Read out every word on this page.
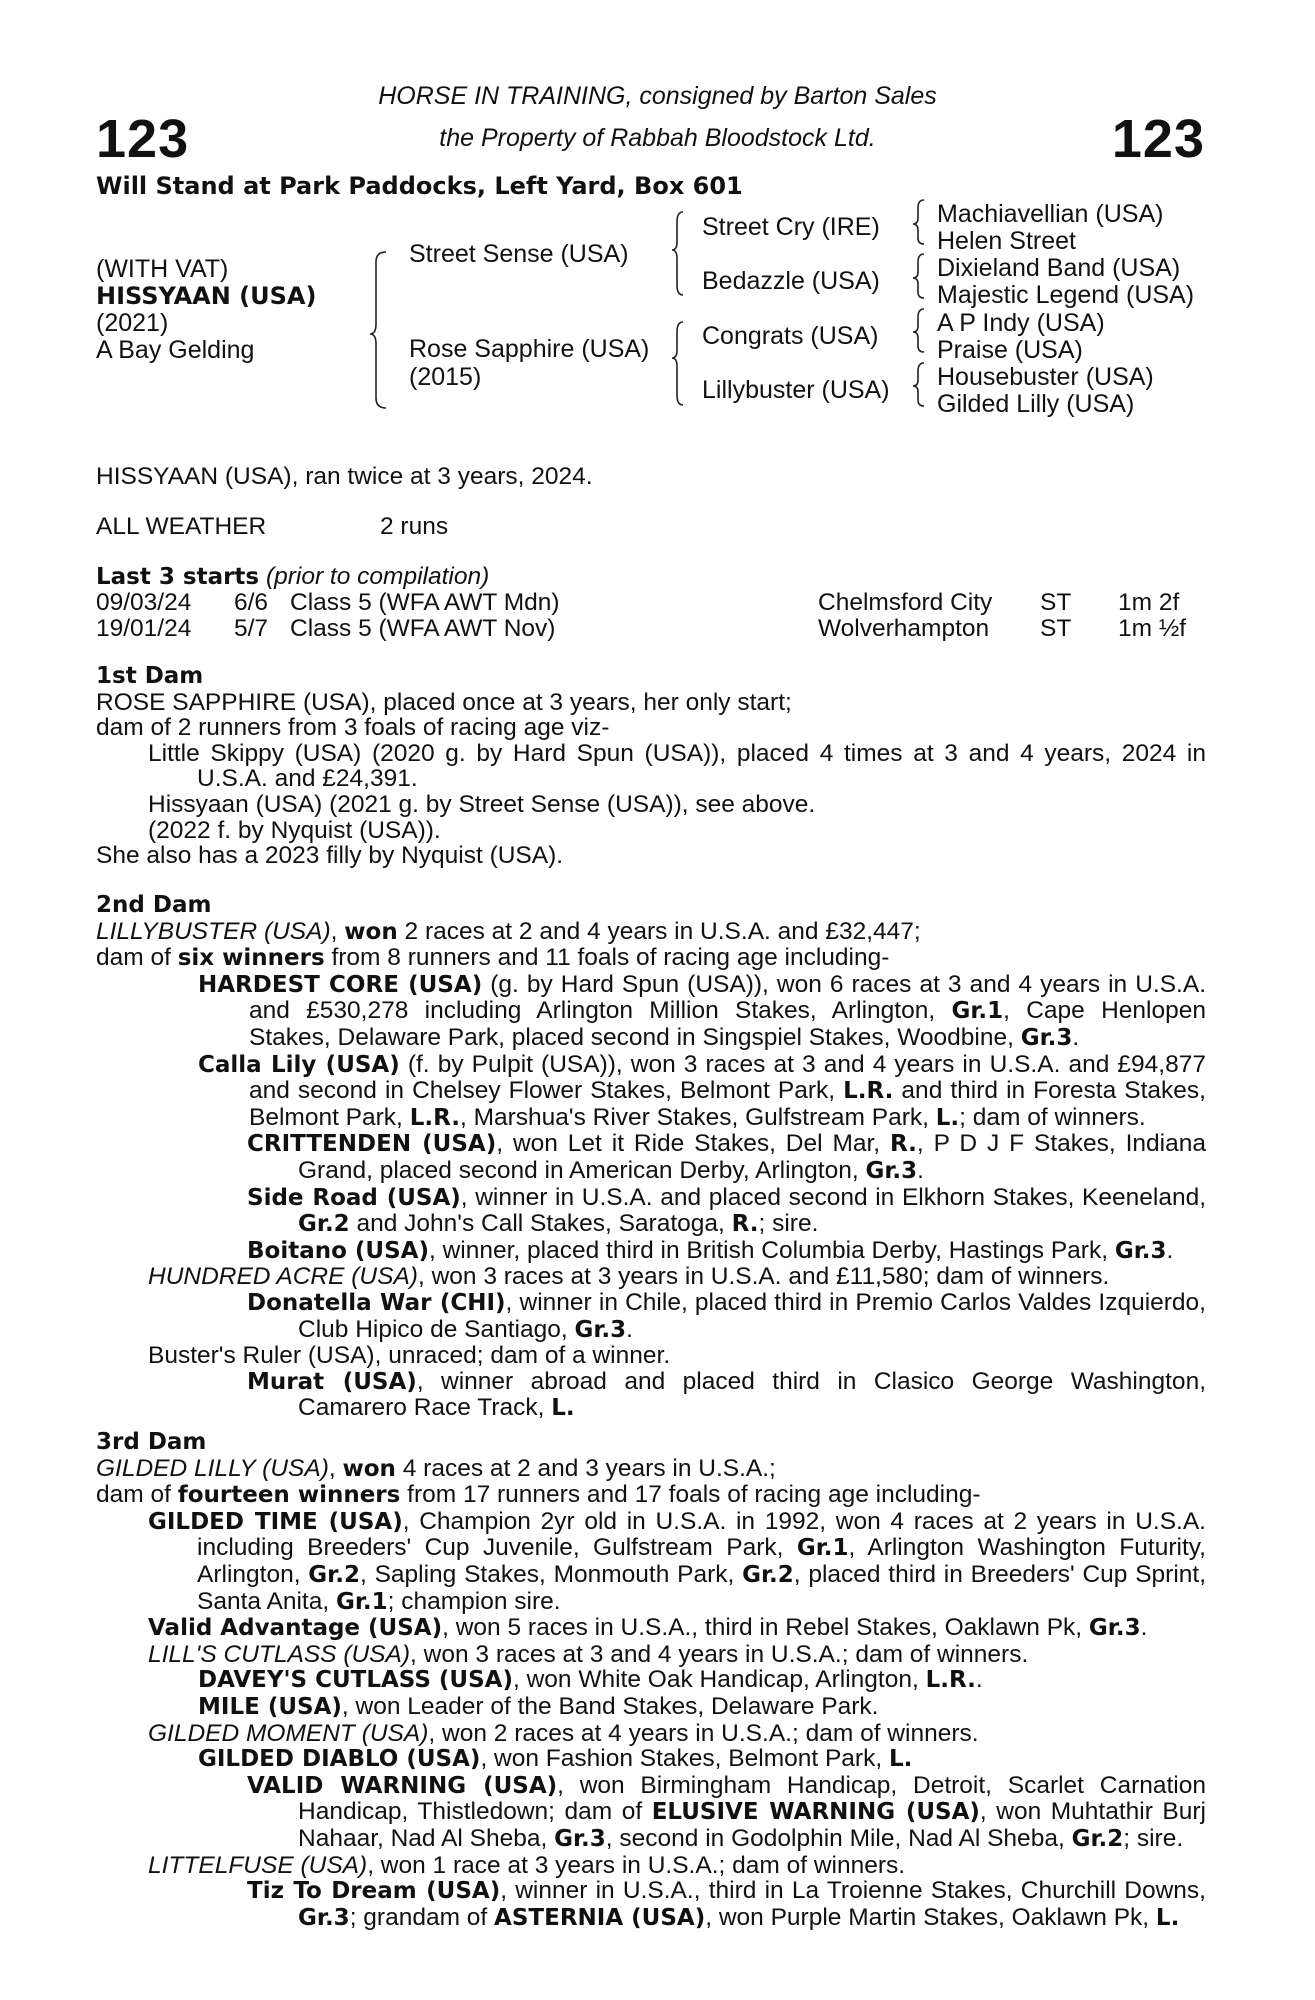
123	123
HORSE IN TRAINING, consigned by Barton Sales
the Property of Rabbah Bloodstock Ltd.
Will Stand at Park Paddocks, Left Yard, Box 601
(WITH VAT)
HISSYAAN (USA)
(2021)
A Bay Gelding
Street Sense (USA)
Rose Sapphire (USA)
(2015)
Street Cry (IRE)
Bedazzle (USA)
Congrats (USA)
Lillybuster (USA)
Machiavellian (USA)
Helen Street
Dixieland Band (USA)
Majestic Legend (USA)
A P Indy (USA)
Praise (USA)
Housebuster (USA)
Gilded Lilly (USA)
HISSYAAN (USA), ran twice at 3 years, 2024.
ALL WEATHER	2 runs
Last 3 starts (prior to compilation)
09/03/24 6/6 Class 5 (WFA AWT Mdn)	Chelmsford City ST 1m 2f
19/01/24 5/7 Class 5 (WFA AWT Nov)	Wolverhampton ST 1m ½f

1st Dam

ROSE SAPPHIRE (USA), placed once at 3 years, her only start;

dam of 2 runners from 3 foals of racing age viz-

Little Skippy (USA) (2020 g. by Hard Spun (USA)), placed 4 times at 3 and 4 years, 2024 in U.S.A. and £24,391.

Hissyaan (USA) (2021 g. by Street Sense (USA)), see above.

(2022 f. by Nyquist (USA)).

She also has a 2023 filly by Nyquist (USA).

2nd Dam

LILLYBUSTER (USA), won 2 races at 2 and 4 years in U.S.A. and £32,447;

dam of six winners from 8 runners and 11 foals of racing age including-

HARDEST CORE (USA) (g. by Hard Spun (USA)), won 6 races at 3 and 4 years in U.S.A. and £530,278 including Arlington Million Stakes, Arlington, Gr.1, Cape Henlopen Stakes, Delaware Park, placed second in Singspiel Stakes, Woodbine, Gr.3.

Calla Lily (USA) (f. by Pulpit (USA)), won 3 races at 3 and 4 years in U.S.A. and £94,877 and second in Chelsey Flower Stakes, Belmont Park, L.R. and third in Foresta Stakes, Belmont Park, L.R., Marshua's River Stakes, Gulfstream Park, L.; dam of winners.

CRITTENDEN (USA), won Let it Ride Stakes, Del Mar, R., P D J F Stakes, Indiana Grand, placed second in American Derby, Arlington, Gr.3.

Side Road (USA), winner in U.S.A. and placed second in Elkhorn Stakes, Keeneland, Gr.2 and John's Call Stakes, Saratoga, R.; sire.

Boitano (USA), winner, placed third in British Columbia Derby, Hastings Park, Gr.3.

HUNDRED ACRE (USA), won 3 races at 3 years in U.S.A. and £11,580; dam of winners.

Donatella War (CHI), winner in Chile, placed third in Premio Carlos Valdes Izquierdo, Club Hipico de Santiago, Gr.3.

Buster's Ruler (USA), unraced; dam of a winner.

Murat (USA), winner abroad and placed third in Clasico George Washington, Camarero Race Track, L.

3rd Dam

GILDED LILLY (USA), won 4 races at 2 and 3 years in U.S.A.;

dam of fourteen winners from 17 runners and 17 foals of racing age including-

GILDED TIME (USA), Champion 2yr old in U.S.A. in 1992, won 4 races at 2 years in U.S.A. including Breeders' Cup Juvenile, Gulfstream Park, Gr.1, Arlington Washington Futurity, Arlington, Gr.2, Sapling Stakes, Monmouth Park, Gr.2, placed third in Breeders' Cup Sprint, Santa Anita, Gr.1; champion sire.

Valid Advantage (USA), won 5 races in U.S.A., third in Rebel Stakes, Oaklawn Pk, Gr.3.

LILL'S CUTLASS (USA), won 3 races at 3 and 4 years in U.S.A.; dam of winners.

DAVEY'S CUTLASS (USA), won White Oak Handicap, Arlington, L.R..

MILE (USA), won Leader of the Band Stakes, Delaware Park.

GILDED MOMENT (USA), won 2 races at 4 years in U.S.A.; dam of winners.

GILDED DIABLO (USA), won Fashion Stakes, Belmont Park, L.

VALID WARNING (USA), won Birmingham Handicap, Detroit, Scarlet Carnation Handicap, Thistledown; dam of ELUSIVE WARNING (USA), won Muhtathir Burj Nahaar, Nad Al Sheba, Gr.3, second in Godolphin Mile, Nad Al Sheba, Gr.2; sire.

LITTELFUSE (USA), won 1 race at 3 years in U.S.A.; dam of winners.

Tiz To Dream (USA), winner in U.S.A., third in La Troienne Stakes, Churchill Downs, Gr.3; grandam of ASTERNIA (USA), won Purple Martin Stakes, Oaklawn Pk, L.
